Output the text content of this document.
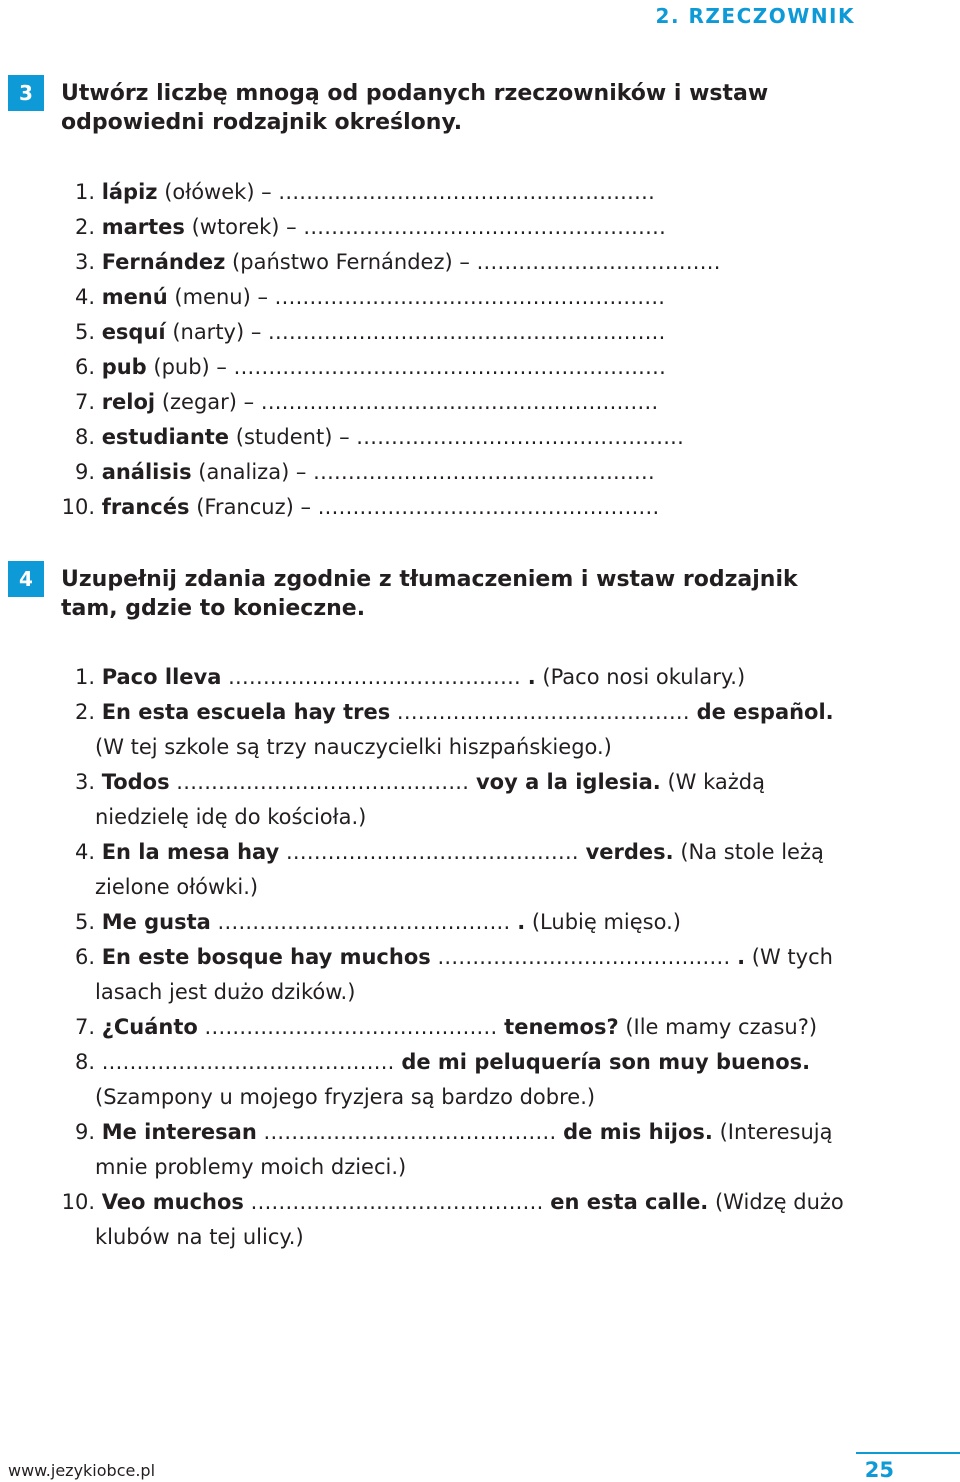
2. RZECZOWNIK
3	Utwórz liczbę mnogą od podanych rzeczowników i wstaw odpowiedni rodzajnik określony.
1. lápiz (ołówek) – ......................................................
2. martes (wtorek) – ....................................................
3. Fernández (państwo Fernández) – ...................................
4. menú (menu) – ........................................................
5. esquí (narty) – .........................................................
6. pub (pub) – ..............................................................
7. reloj (zegar) – .........................................................
8. estudiante (student) – ...............................................
9. análisis (analiza) – .................................................
10. francés (Francuz) – .................................................
4	Uzupełnij zdania zgodnie z tłumaczeniem i wstaw rodzajnik tam, gdzie to konieczne.
1. Paco lleva .......................................... . (Paco nosi okulary.)
2. En esta escuela hay tres .......................................... de español. (W tej szkole są trzy nauczycielki hiszpańskiego.)
3. Todos .......................................... voy a la iglesia. (W każdą niedzielę idę do kościoła.)
4. En la mesa hay .......................................... verdes. (Na stole leżą zielone ołówki.)
5. Me gusta .......................................... . (Lubię mięso.)
6. En este bosque hay muchos .......................................... . (W tych lasach jest dużo dzików.)
7. ¿Cuánto .......................................... tenemos? (Ile mamy czasu?)
8. .......................................... de mi peluquería son muy buenos. (Szampony u mojego fryzjera są bardzo dobre.)
9. Me interesan .......................................... de mis hijos. (Interesują mnie problemy moich dzieci.)
10. Veo muchos .......................................... en esta calle. (Widzę dużo klubów na tej ulicy.)
www.jezykiobce.pl	25
